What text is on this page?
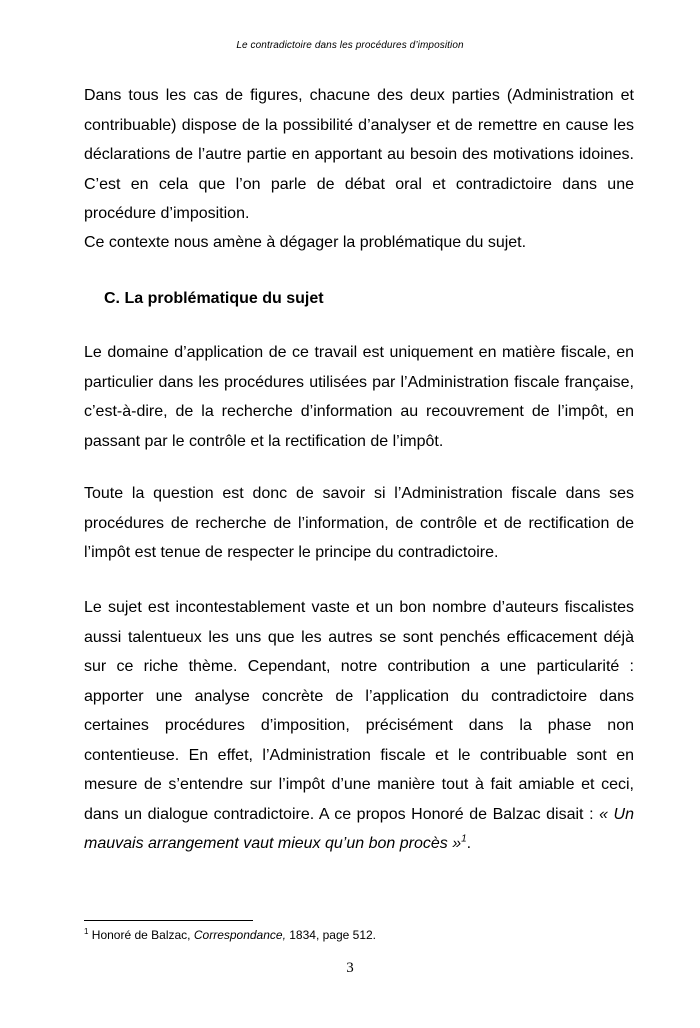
Le contradictoire dans les procédures d’imposition

Dans tous les cas de figures, chacune des deux parties (Administration et contribuable) dispose de la possibilité d’analyser et de remettre en cause les déclarations de l’autre partie en apportant au besoin des motivations idoines. C’est en cela que l’on parle de débat oral et contradictoire dans une procédure d’imposition.

Ce contexte nous amène à dégager la problématique du sujet.

C. La problématique du sujet

Le domaine d’application de ce travail est uniquement en matière fiscale, en particulier dans les procédures utilisées par l’Administration fiscale française, c’est-à-dire, de la recherche d’information au recouvrement de l’impôt, en passant par le contrôle et la rectification de l’impôt.

Toute la question est donc de savoir si l’Administration fiscale dans ses procédures de recherche de l’information, de contrôle et de rectification de l’impôt est tenue de respecter le principe du contradictoire.

Le sujet est incontestablement vaste et un bon nombre d’auteurs fiscalistes aussi talentueux les uns que les autres se sont penchés efficacement déjà sur ce riche thème. Cependant, notre contribution a une particularité : apporter une analyse concrète de l’application du contradictoire dans certaines procédures d’imposition, précisément dans la phase non contentieuse. En effet, l’Administration fiscale et le contribuable sont en mesure de s’entendre sur l’impôt d’une manière tout à fait amiable et ceci, dans un dialogue contradictoire. A ce propos Honoré de Balzac disait : « Un mauvais arrangement vaut mieux qu’un bon procès »$^1$.
$^1$ Honoré de Balzac, Correspondance, 1834, page 512.
3
